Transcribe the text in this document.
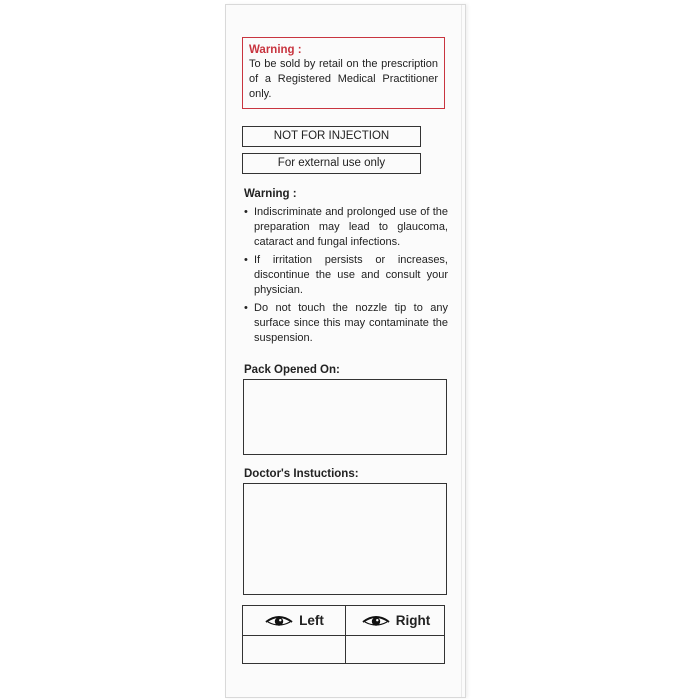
Warning :
To be sold by retail on the prescription of a Registered Medical Practitioner only.
NOT FOR INJECTION
For external use only
Warning :
• Indiscriminate and prolonged use of the preparation may lead to glaucoma, cataract and fungal infections.
• If irritation persists or increases, discontinue the use and consult your physician.
• Do not touch the nozzle tip to any surface since this may contaminate the suspension.
Pack Opened On:
Doctor's Instuctions:
Left	Right
